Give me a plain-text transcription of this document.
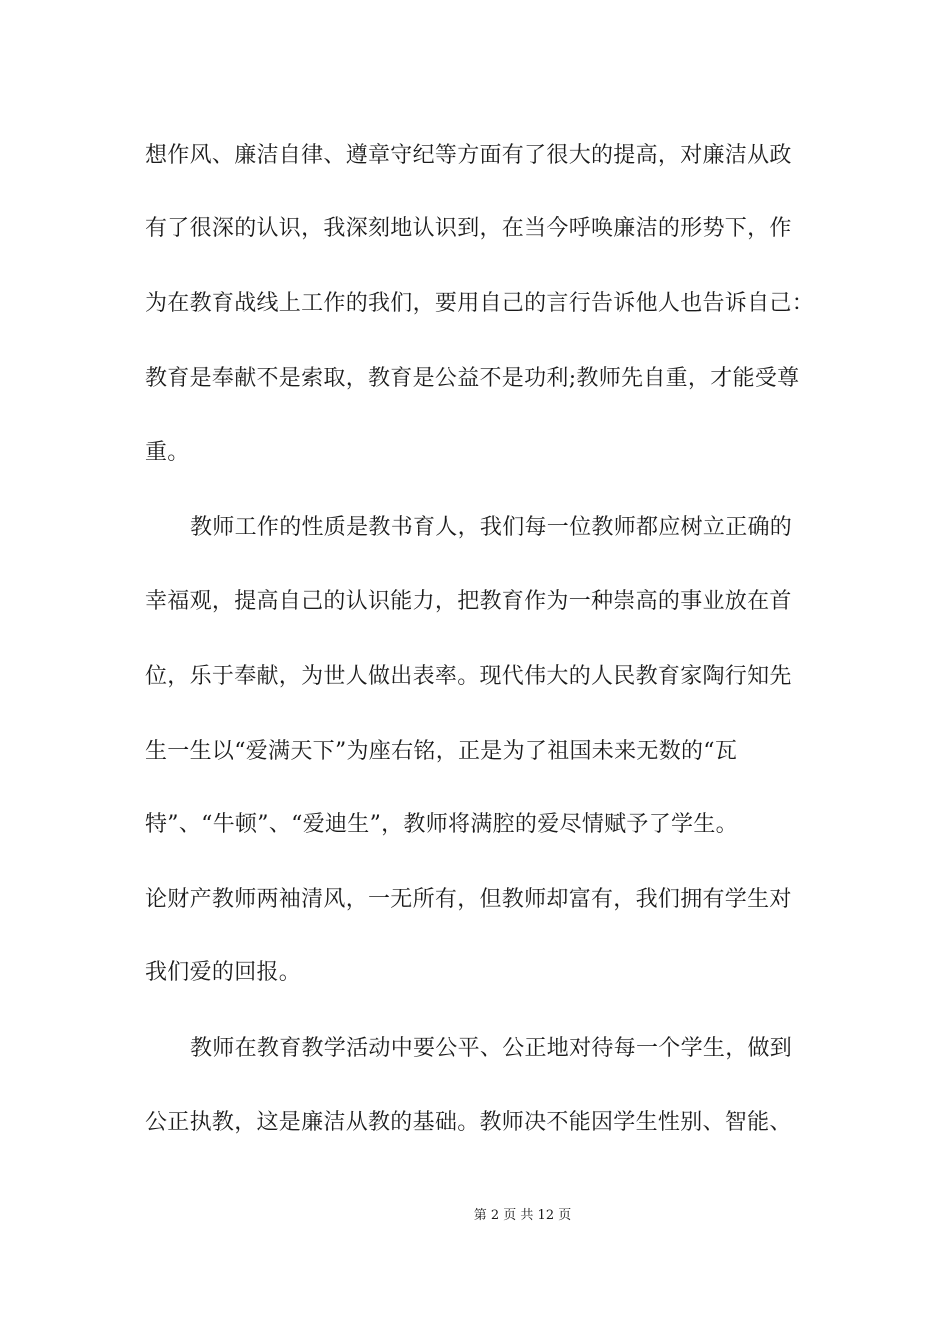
想作风、廉洁自律、遵章守纪等方面有了很大的提高，对廉洁从政
有了很深的认识，我深刻地认识到，在当今呼唤廉洁的形势下，作
为在教育战线上工作的我们，要用自己的言行告诉他人也告诉自己：
教育是奉献不是索取，教育是公益不是功利;教师先自重，才能受尊
重。
教师工作的性质是教书育人，我们每一位教师都应树立正确的
幸福观，提高自己的认识能力，把教育作为一种崇高的事业放在首
位，乐于奉献，为世人做出表率。现代伟大的人民教育家陶行知先
生一生以“爱满天下”为座右铭，正是为了祖国未来无数的“瓦
特”、“牛顿”、“爱迪生”，教师将满腔的爱尽情赋予了学生。
论财产教师两袖清风，一无所有，但教师却富有，我们拥有学生对
我们爱的回报。
教师在教育教学活动中要公平、公正地对待每一个学生，做到
公正执教，这是廉洁从教的基础。教师决不能因学生性别、智能、
第 2 页 共 12 页
